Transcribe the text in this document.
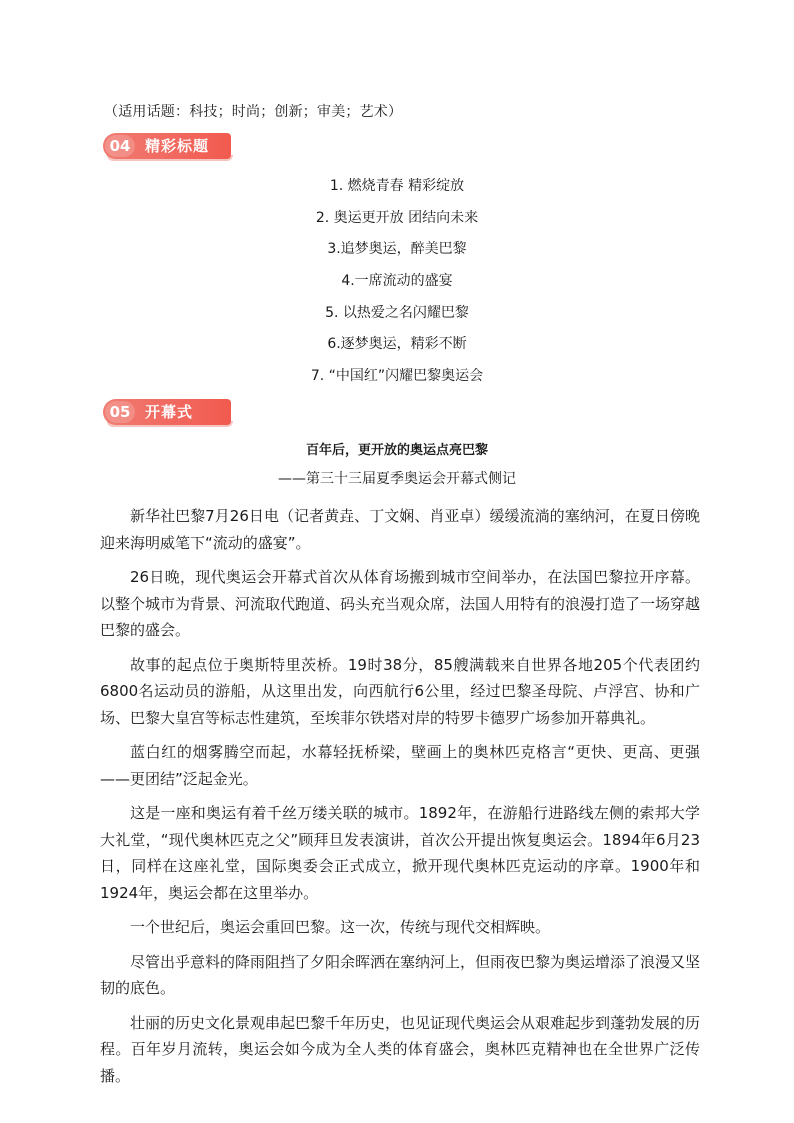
（适用话题：科技；时尚；创新；审美；艺术）
04 精彩标题
1. 燃烧青春 精彩绽放
2. 奥运更开放 团结向未来
3.追梦奥运，醉美巴黎
4.一席流动的盛宴
5. 以热爱之名闪耀巴黎
6.逐梦奥运，精彩不断
7. “中国红”闪耀巴黎奥运会
05 开幕式
百年后，更开放的奥运点亮巴黎
——第三十三届夏季奥运会开幕式侧记

新华社巴黎7月26日电（记者黄垚、丁文娴、肖亚卓）缓缓流淌的塞纳河，在夏日傍晚迎来海明威笔下“流动的盛宴”。

26日晚，现代奥运会开幕式首次从体育场搬到城市空间举办，在法国巴黎拉开序幕。以整个城市为背景、河流取代跑道、码头充当观众席，法国人用特有的浪漫打造了一场穿越巴黎的盛会。

故事的起点位于奥斯特里茨桥。19时38分，85艘满载来自世界各地205个代表团约6800名运动员的游船，从这里出发，向西航行6公里，经过巴黎圣母院、卢浮宫、协和广场、巴黎大皇宫等标志性建筑，至埃菲尔铁塔对岸的特罗卡德罗广场参加开幕典礼。

蓝白红的烟雾腾空而起，水幕轻抚桥梁，壁画上的奥林匹克格言“更快、更高、更强——更团结”泛起金光。

这是一座和奥运有着千丝万缕关联的城市。1892年，在游船行进路线左侧的索邦大学大礼堂，“现代奥林匹克之父”顾拜旦发表演讲，首次公开提出恢复奥运会。1894年6月23日，同样在这座礼堂，国际奥委会正式成立，掀开现代奥林匹克运动的序章。1900年和1924年，奥运会都在这里举办。

一个世纪后，奥运会重回巴黎。这一次，传统与现代交相辉映。

尽管出乎意料的降雨阻挡了夕阳余晖洒在塞纳河上，但雨夜巴黎为奥运增添了浪漫又坚韧的底色。

壮丽的历史文化景观串起巴黎千年历史，也见证现代奥运会从艰难起步到蓬勃发展的历程。百年岁月流转，奥运会如今成为全人类的体育盛会，奥林匹克精神也在全世界广泛传播。
